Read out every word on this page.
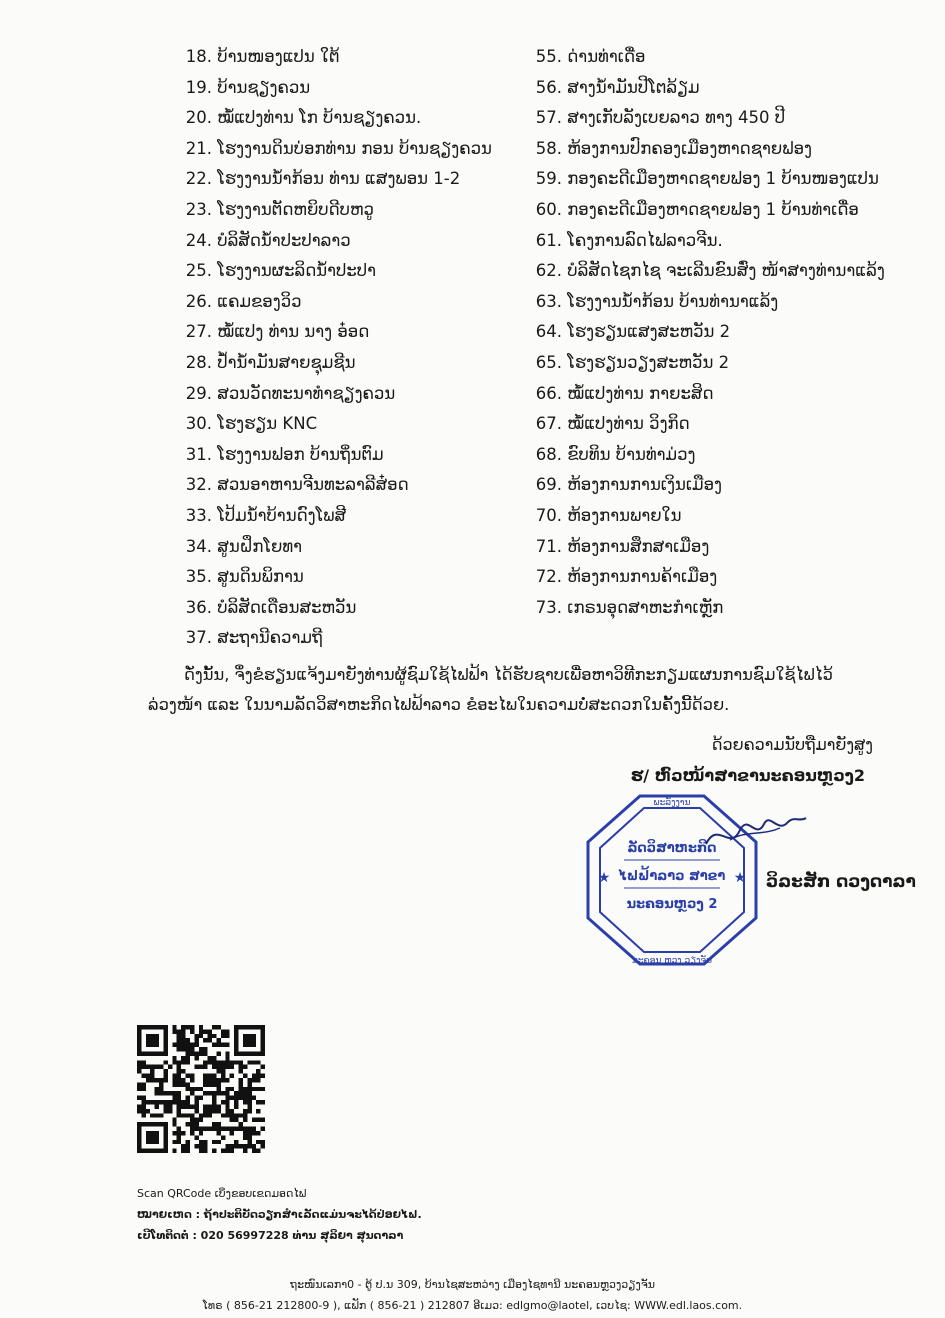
18. ບ້ານໜອງແປນ ໃຕ້
19. ບ້ານຊຽງຄວນ
20. ໝໍ້ແປງທ່ານ ໂກ ບ້ານຊຽງຄວນ.
21. ໂຮງງານດິນບ່ອກທ່ານ ກອນ ບ້ານຊຽງຄວນ
22. ໂຮງງານນ້ຳກ້ອນ ທ່ານ ແສງພອນ 1-2
23. ໂຮງງານຕັດຫຍິບດີບຫວູ
24. ບໍລິສັດນ້ຳປະປາລາວ
25. ໂຮງງານຜະລິດນ້ຳປະປາ
26. ແຄມຂອງວິວ
27. ໝໍ້ແປງ ທ່ານ ນາງ ອ໋ອດ
28. ປ້ຳນ້ຳມັນສາຍຊຸມຊີນ
29. ສວນວັດທະນາທຳຊຽງຄວນ
30. ໂຮງຮຽນ KNC
31. ໂຮງງານຟອກ ບ້ານຖິ່ນຕົມ
32. ສວນອາຫານຈີນທະລາລີສ໋ອດ
33. ໂປ້ມນ້ຳບ້ານດົງໂພສີ
34. ສູນຝຶກໂຍທາ
35. ສູນດິນພິການ
36. ບໍລິສັດເດືອນສະຫວັນ
37. ສະຖານີຄວາມຖີ
55. ດ່ານທ່າເດື່ອ
56. ສາງນ້ຳມັນປີໂຕລ້ຽມ
57. ສາງເກັບລັງເບຍລາວ ທາງ 450 ປີ
58. ຫ້ອງການປົກຄອງເມືອງຫາດຊາຍຟອງ
59. ກອງຄະດີເມືອງຫາດຊາຍຟອງ 1 ບ້ານໜອງແປນ
60. ກອງຄະດີເມືອງຫາດຊາຍຟອງ 1 ບ້ານທ່າເດື່ອ
61. ໂຄງການລົດໄຟລາວຈີນ.
62. ບໍລິສັດໄຊກໄຊ ຈະເລີນຂົນສົ່ງ ໜ້າສາງທ່ານາແລ້ງ
63. ໂຮງງານນ້ຳກ້ອນ ບ້ານທ່ານາແລ້ງ
64. ໂຮງຮຽນແສງສະຫວັນ 2
65. ໂຮງຮຽນວຽງສະຫວັນ 2
66. ໝໍ້ແປງທ່ານ ກາຍະສິດ
67. ໝໍ້ແປງທ່ານ ວິງກິດ
68. ຂົບທິນ ບ້ານທ່າມ່ວງ
69. ຫ້ອງການການເງິນເມືອງ
70. ຫ້ອງການພາຍໃນ
71. ຫ້ອງການສຶກສາເມືອງ
72. ຫ້ອງການການຄ້າເມືອງ
73. ເກຣນອຸດສາຫະກຳເຫຼັກ

ດັ່ງນັ້ນ, ຈຶ່ງຂໍຮຽນແຈ້ງມາຍັງທ່ານຜູ້ຊົມໃຊ້ໄຟຟ້າ ໄດ້ຮັບຊາບເພື່ອຫາວິທີກະກຽມແຜນການຊົມໃຊ້ໄຟໄວ້
ລ່ວງໜ້າ ແລະ ໃນນາມລັດວິສາຫະກິດໄຟຟ້າລາວ ຂໍອະໄພໃນຄວາມບໍ່ສະດວກໃນຄັ້ງນີ້ດ້ວຍ.

ດ້ວຍຄວາມນັບຖືມາຍັງສູງ
ຮ/ ຫົວໜ້າສາຂານະຄອນຫຼວງ2
ພະລັງງານ
ນະຄອນ ຫຼວງ ວຽງຈັນ
ລັດວິສາຫະກິດ
ໄຟຟ້າລາວ ສາຂາ
ນະຄອນຫຼວງ 2
★	★ ວິລະສັກ ດວງດາລາ
Scan QRCode ເບິ່ງຂອບເຂດມອດໄຟ
ໝາຍເຫດ : ຖ້າປະຕິບັດວຽກສຳເລັດແມ່ນຈະໄດ້ປ່ອຍໄຟ.
ເບີໂທຕິດຕໍ່ : 020 56997228 ທ່ານ ສຸລິຍາ ສຸນດາລາ
ຖະໜົນເລກາ0 - ຕູ້ ປ.ນ 309, ບ້ານໄຊສະຫວ່າງ ເມືອງໄຊທານີ ນະຄອນຫຼວງວຽງຈັນ
ໂທຣ ( 856-21 212800-9 ), ແຟັກ ( 856-21 ) 212807 ອີເມວ: edlgmo@laotel, ເວບໄຊ: WWW.edl.laos.com.
